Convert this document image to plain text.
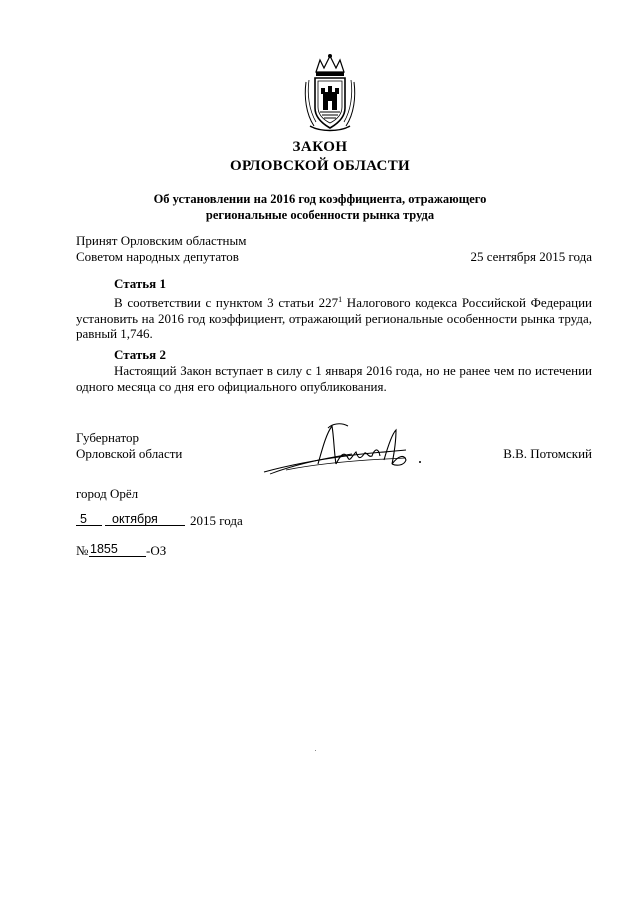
ЗАКОН
ОРЛОВСКОЙ ОБЛАСТИ
Об установлении на 2016 год коэффициента, отражающего
региональные особенности рынка труда
Принят Орловским областным
Советом народных депутатов	25 сентября 2015 года
Статья 1
В соответствии с пунктом 3 статьи $227^1$ Налогового кодекса Российской Федерации установить на 2016 год коэффициент, отражающий региональные особенности рынка труда, равный 1,746.
Статья 2
Настоящий Закон вступает в силу с 1 января 2016 года, но не ранее чем по истечении одного месяца со дня его официального опубликования.
Губернатор
Орловской области	В.В. Потомский
город Орёл
5 октября 2015 года
№ 1855 -ОЗ
